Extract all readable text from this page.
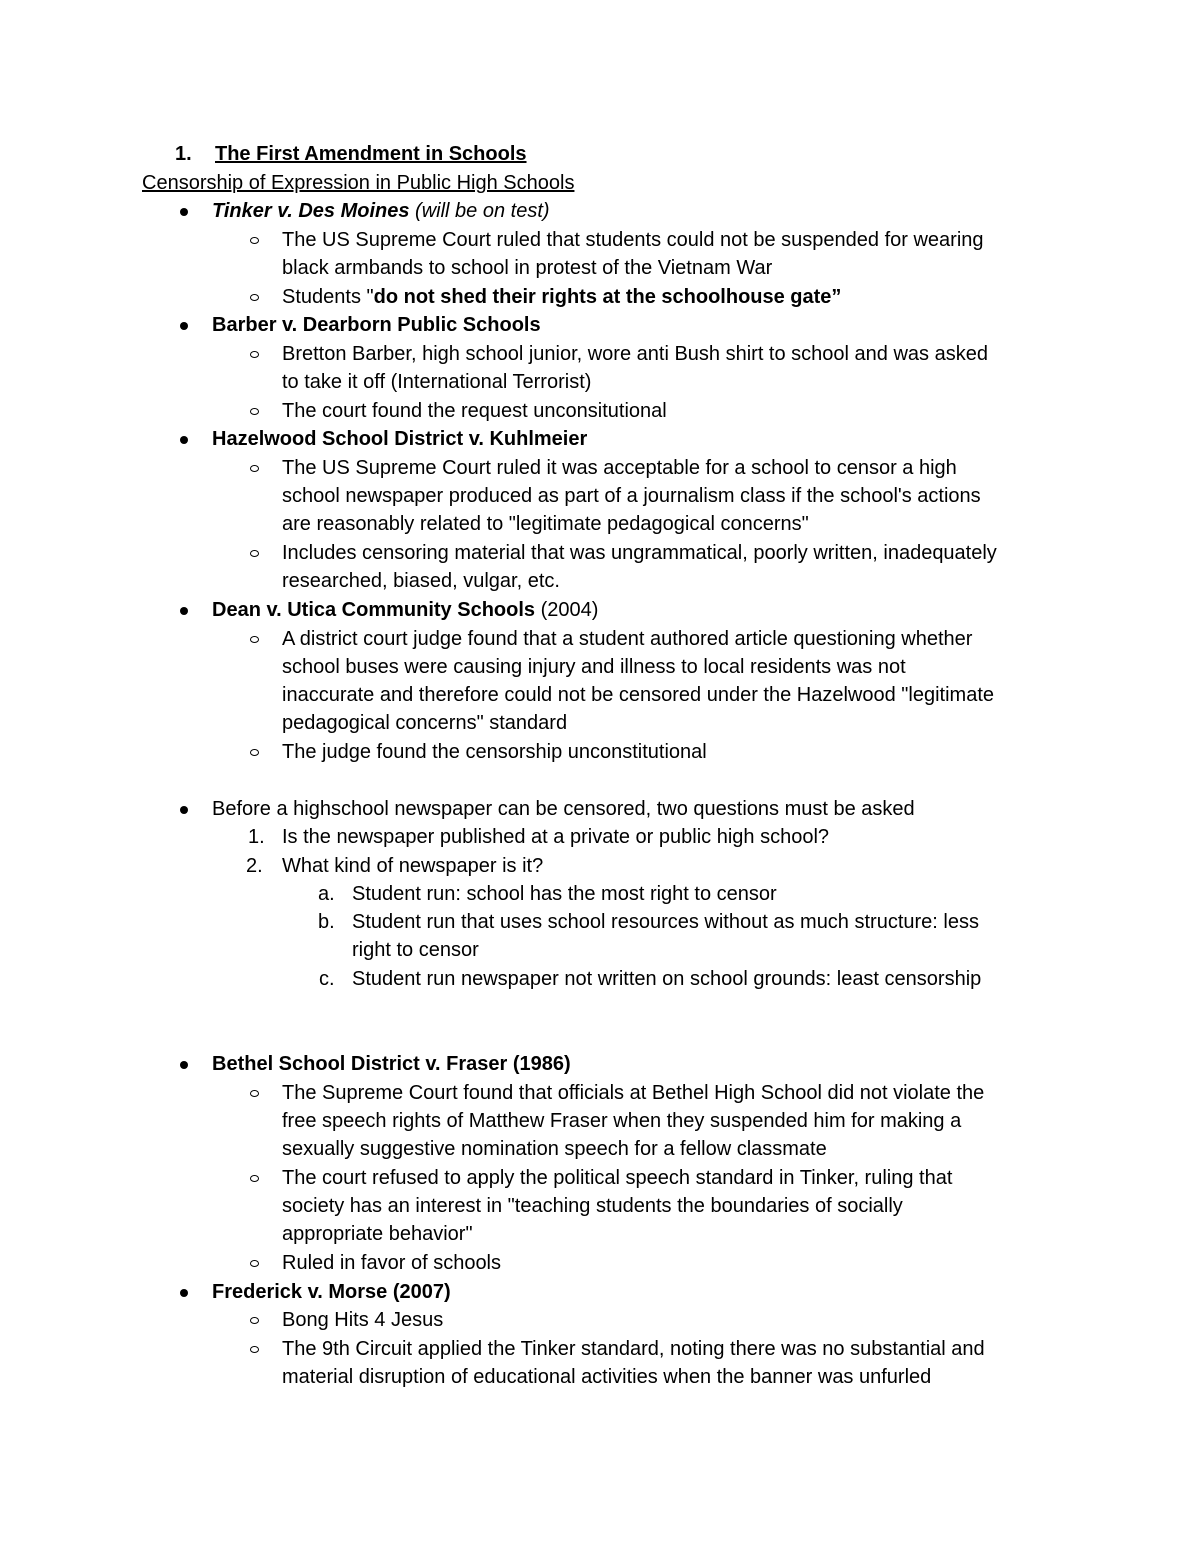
1. The First Amendment in Schools
Censorship of Expression in Public High Schools
Tinker v. Des Moines (will be on test)
The US Supreme Court ruled that students could not be suspended for wearing
black armbands to school in protest of the Vietnam War
Students "do not shed their rights at the schoolhouse gate”
Barber v. Dearborn Public Schools
Bretton Barber, high school junior, wore anti Bush shirt to school and was asked
to take it off (International Terrorist)
The court found the request unconsitutional
Hazelwood School District v. Kuhlmeier
The US Supreme Court ruled it was acceptable for a school to censor a high
school newspaper produced as part of a journalism class if the school's actions
are reasonably related to "legitimate pedagogical concerns"
Includes censoring material that was ungrammatical, poorly written, inadequately
researched, biased, vulgar, etc.
Dean v. Utica Community Schools (2004)
A district court judge found that a student authored article questioning whether
school buses were causing injury and illness to local residents was not
inaccurate and therefore could not be censored under the Hazelwood "legitimate
pedagogical concerns" standard
The judge found the censorship unconstitutional
Before a highschool newspaper can be censored, two questions must be asked
1. Is the newspaper published at a private or public high school?
2. What kind of newspaper is it?
a. Student run: school has the most right to censor
b. Student run that uses school resources without as much structure: less
right to censor
c. Student run newspaper not written on school grounds: least censorship
Bethel School District v. Fraser (1986)
The Supreme Court found that officials at Bethel High School did not violate the
free speech rights of Matthew Fraser when they suspended him for making a
sexually suggestive nomination speech for a fellow classmate
The court refused to apply the political speech standard in Tinker, ruling that
society has an interest in "teaching students the boundaries of socially
appropriate behavior"
Ruled in favor of schools
Frederick v. Morse (2007)
Bong Hits 4 Jesus
The 9th Circuit applied the Tinker standard, noting there was no substantial and
material disruption of educational activities when the banner was unfurled
